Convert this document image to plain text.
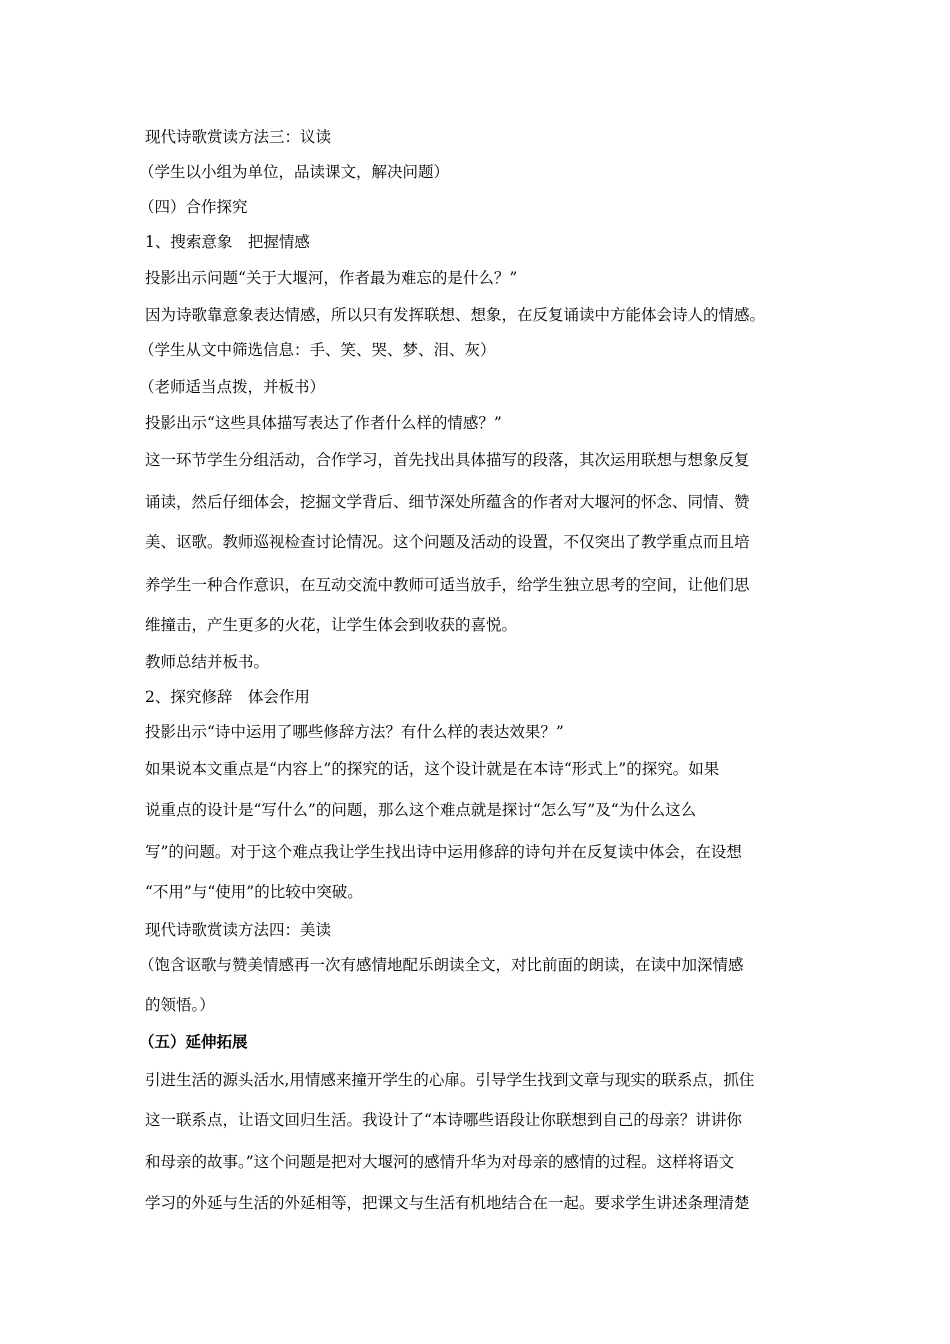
现代诗歌赏读方法三：议读
（学生以小组为单位，品读课文，解决问题）
（四）合作探究
1、搜索意象　把握情感
投影出示问题“关于大堰河，作者最为难忘的是什么？”
因为诗歌靠意象表达情感，所以只有发挥联想、想象，在反复诵读中方能体会诗人的情感。
（学生从文中筛选信息：手、笑、哭、梦、泪、灰）
（老师适当点拨，并板书）
投影出示“这些具体描写表达了作者什么样的情感？”
这一环节学生分组活动，合作学习，首先找出具体描写的段落，其次运用联想与想象反复
诵读，然后仔细体会，挖掘文学背后、细节深处所蕴含的作者对大堰河的怀念、同情、赞
美、讴歌。教师巡视检查讨论情况。这个问题及活动的设置，不仅突出了教学重点而且培
养学生一种合作意识，在互动交流中教师可适当放手，给学生独立思考的空间，让他们思
维撞击，产生更多的火花，让学生体会到收获的喜悦。
教师总结并板书。
2、探究修辞　体会作用
投影出示“诗中运用了哪些修辞方法？有什么样的表达效果？”
如果说本文重点是“内容上”的探究的话，这个设计就是在本诗“形式上”的探究。如果
说重点的设计是“写什么”的问题，那么这个难点就是探讨“怎么写”及“为什么这么
写”的问题。对于这个难点我让学生找出诗中运用修辞的诗句并在反复读中体会，在设想
“不用”与“使用”的比较中突破。
现代诗歌赏读方法四：美读
（饱含讴歌与赞美情感再一次有感情地配乐朗读全文，对比前面的朗读，在读中加深情感
的领悟。）
（五）延伸拓展
引进生活的源头活水,用情感来撞开学生的心扉。引导学生找到文章与现实的联系点，抓住
这一联系点，让语文回归生活。我设计了“本诗哪些语段让你联想到自己的母亲？讲讲你
和母亲的故事。”这个问题是把对大堰河的感情升华为对母亲的感情的过程。这样将语文
学习的外延与生活的外延相等，把课文与生活有机地结合在一起。要求学生讲述条理清楚
